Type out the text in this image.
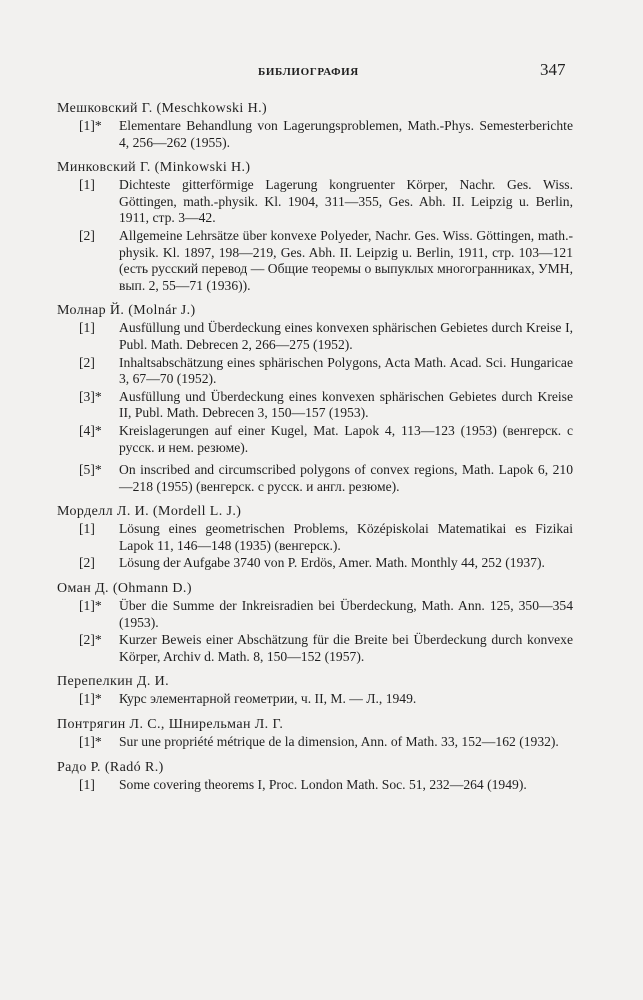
БИБЛИОГРАФИЯ	347
Мешковский Г. (Meschkowski H.)
[1]*	Elementare Behandlung von Lagerungsproblemen, Math.-Phys. Semesterberichte 4, 256—262 (1955).
Минковский Г. (Minkowski H.)
[1]	Dichteste gitterförmige Lagerung kongruenter Körper, Nachr. Ges. Wiss. Göttingen, math.-physik. Kl. 1904, 311—355, Ges. Abh. II. Leipzig u. Berlin, 1911, стр. 3—42.
[2]	Allgemeine Lehrsätze über konvexe Polyeder, Nachr. Ges. Wiss. Göttingen, math.-physik. Kl. 1897, 198—219, Ges. Abh. II. Leipzig u. Berlin, 1911, стр. 103—121 (есть русский перевод — Общие теоремы о выпуклых многогранниках, УМН, вып. 2, 55—71 (1936)).
Молнар Й. (Molnár J.)
[1]	Ausfüllung und Überdeckung eines konvexen sphärischen Gebietes durch Kreise I, Publ. Math. Debrecen 2, 266—275 (1952).
[2]	Inhaltsabschätzung eines sphärischen Polygons, Acta Math. Acad. Sci. Hungaricae 3, 67—70 (1952).
[3]*	Ausfüllung und Überdeckung eines konvexen sphärischen Gebietes durch Kreise II, Publ. Math. Debrecen 3, 150—157 (1953).
[4]*	Kreislagerungen auf einer Kugel, Mat. Lapok 4, 113—123 (1953) (венгерск. с русск. и нем. резюме).
[5]*	On inscribed and circumscribed polygons of convex regions, Math. Lapok 6, 210—218 (1955) (венгерск. с русск. и англ. резюме).
Морделл Л. И. (Mordell L. J.)
[1]	Lösung eines geometrischen Problems, Középiskolai Matematikai es Fizikai Lapok 11, 146—148 (1935) (венгерск.).
[2]	Lösung der Aufgabe 3740 von P. Erdös, Amer. Math. Monthly 44, 252 (1937).
Оман Д. (Ohmann D.)
[1]*	Über die Summe der Inkreisradien bei Überdeckung, Math. Ann. 125, 350—354 (1953).
[2]*	Kurzer Beweis einer Abschätzung für die Breite bei Überdeckung durch konvexe Körper, Archiv d. Math. 8, 150—152 (1957).
Перепелкин Д. И.
[1]*	Курс элементарной геометрии, ч. II, М. — Л., 1949.
Понтрягин Л. С., Шнирельман Л. Г.
[1]*	Sur une propriété métrique de la dimension, Ann. of Math. 33, 152—162 (1932).
Радо Р. (Radó R.)
[1]	Some covering theorems I, Proc. London Math. Soc. 51, 232—264 (1949).
